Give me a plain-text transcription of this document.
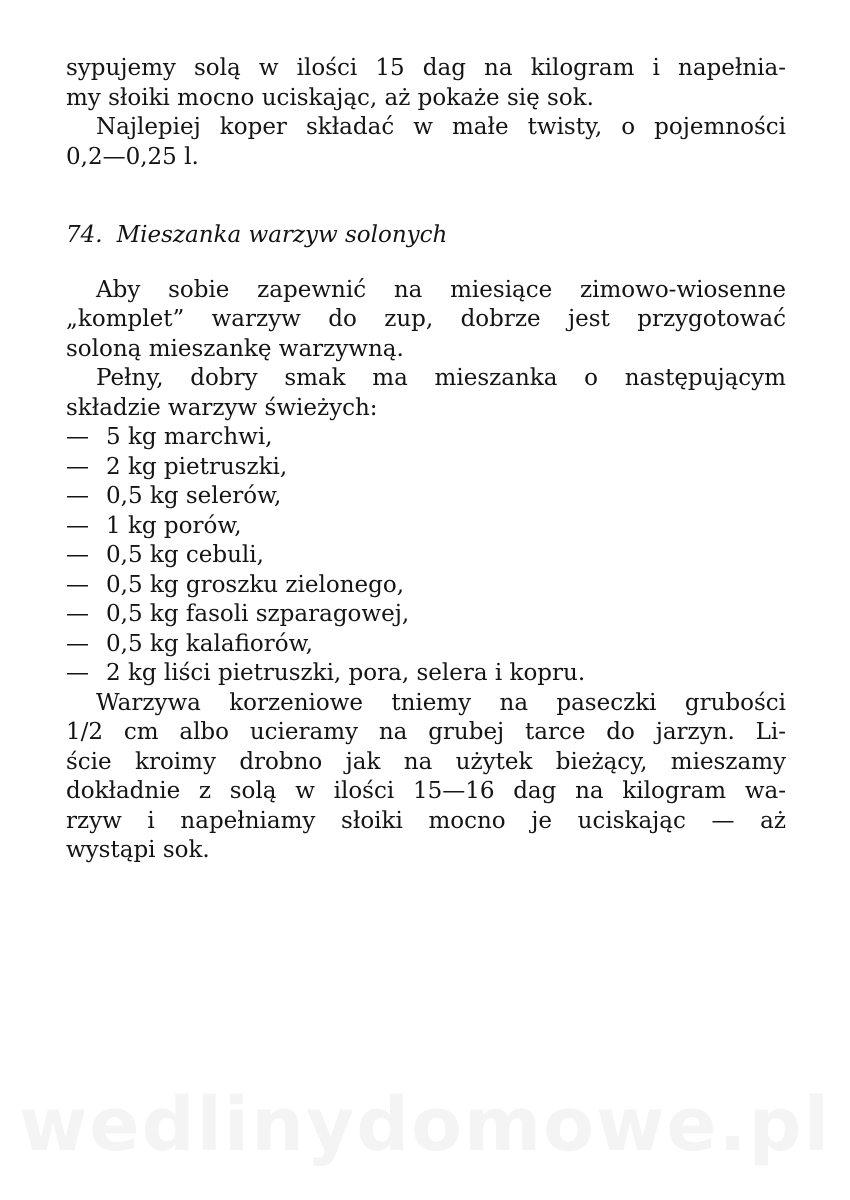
sypujemy solą w ilości 15 dag na kilogram i napełnia-
my słoiki mocno uciskając, aż pokaże się sok.
Najlepiej koper składać w małe twisty, o pojemności
0,2—0,25 l.
74. Mieszanka warzyw solonych
Aby sobie zapewnić na miesiące zimowo-wiosenne
„komplet” warzyw do zup, dobrze jest przygotować
soloną mieszankę warzywną.
Pełny, dobry smak ma mieszanka o następującym
składzie warzyw świeżych:
— 5 kg marchwi,
— 2 kg pietruszki,
— 0,5 kg selerów,
— 1 kg porów,
— 0,5 kg cebuli,
— 0,5 kg groszku zielonego,
— 0,5 kg fasoli szparagowej,
— 0,5 kg kalafiorów,
— 2 kg liści pietruszki, pora, selera i kopru.
Warzywa korzeniowe tniemy na paseczki grubości
1/2 cm albo ucieramy na grubej tarce do jarzyn. Li-
ście kroimy drobno jak na użytek bieżący, mieszamy
dokładnie z solą w ilości 15—16 dag na kilogram wa-
rzyw i napełniamy słoiki mocno je uciskając — aż
wystąpi sok.
wedlinydomowe.pl
